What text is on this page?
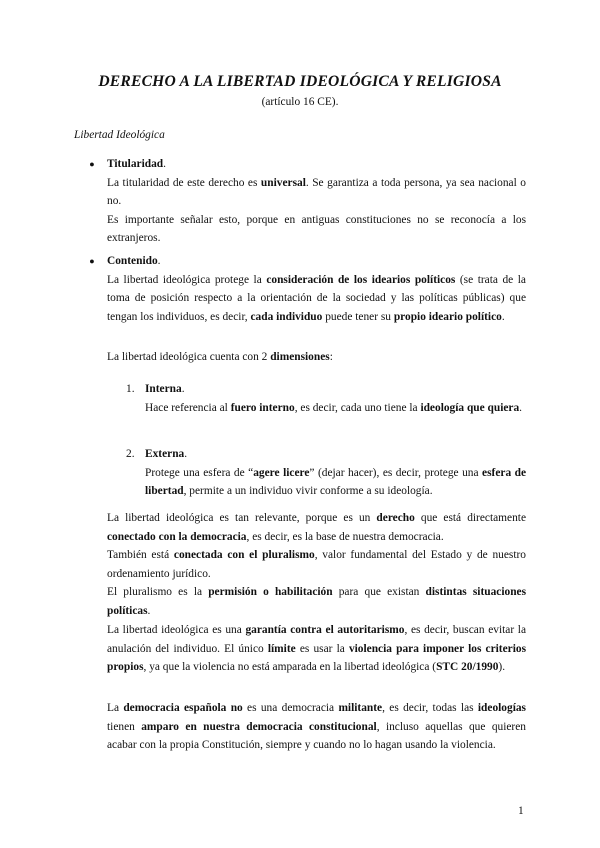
DERECHO A LA LIBERTAD IDEOLÓGICA Y RELIGIOSA
(artículo 16 CE).
Libertad Ideológica
● Titularidad.

La titularidad de este derecho es universal. Se garantiza a toda persona, ya sea nacional o no.

Es importante señalar esto, porque en antiguas constituciones no se reconocía a los extranjeros.

● Contenido.

La libertad ideológica protege la consideración de los idearios políticos (se trata de la toma de posición respecto a la orientación de la sociedad y las políticas públicas) que tengan los individuos, es decir, cada individuo puede tener su propio ideario político.

La libertad ideológica cuenta con 2 dimensiones:

1. Interna.

Hace referencia al fuero interno, es decir, cada uno tiene la ideología que quiera.

2. Externa.

Protege una esfera de “agere licere” (dejar hacer), es decir, protege una esfera de libertad, permite a un individuo vivir conforme a su ideología.

La libertad ideológica es tan relevante, porque es un derecho que está directamente conectado con la democracia, es decir, es la base de nuestra democracia.

También está conectada con el pluralismo, valor fundamental del Estado y de nuestro ordenamiento jurídico.

El pluralismo es la permisión o habilitación para que existan distintas situaciones políticas.

La libertad ideológica es una garantía contra el autoritarismo, es decir, buscan evitar la anulación del individuo. El único límite es usar la violencia para imponer los criterios propios, ya que la violencia no está amparada en la libertad ideológica (STC 20/1990).

La democracia española no es una democracia militante, es decir, todas las ideologías tienen amparo en nuestra democracia constitucional, incluso aquellas que quieren acabar con la propia Constitución, siempre y cuando no lo hagan usando la violencia.

1
